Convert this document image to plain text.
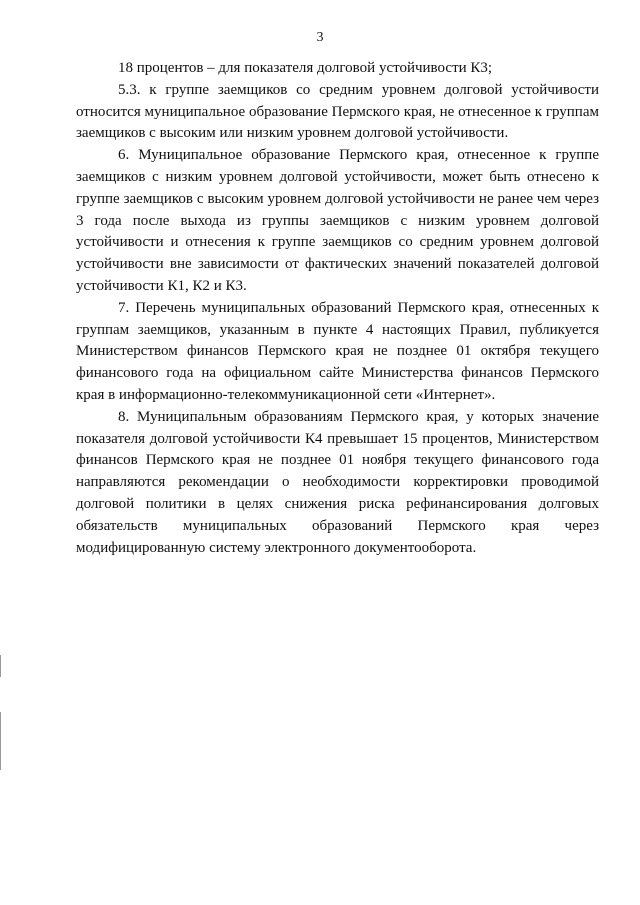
3

18 процентов – для показателя долговой устойчивости К3;

5.3. к группе заемщиков со средним уровнем долговой устойчивости относится муниципальное образование Пермского края, не отнесенное к группам заемщиков с высоким или низким уровнем долговой устойчивости.

6. Муниципальное образование Пермского края, отнесенное к группе заемщиков с низким уровнем долговой устойчивости, может быть отнесено к группе заемщиков с высоким уровнем долговой устойчивости не ранее чем через 3 года после выхода из группы заемщиков с низким уровнем долговой устойчивости и отнесения к группе заемщиков со средним уровнем долговой устойчивости вне зависимости от фактических значений показателей долговой устойчивости К1, К2 и К3.

7. Перечень муниципальных образований Пермского края, отнесенных к группам заемщиков, указанным в пункте 4 настоящих Правил, публикуется Министерством финансов Пермского края не позднее 01 октября текущего финансового года на официальном сайте Министерства финансов Пермского края в информационно-телекоммуникационной сети «Интернет».

8. Муниципальным образованиям Пермского края, у которых значение показателя долговой устойчивости К4 превышает 15 процентов, Министерством финансов Пермского края не позднее 01 ноября текущего финансового года направляются рекомендации о необходимости корректировки проводимой долговой политики в целях снижения риска рефинансирования долговых обязательств муниципальных образований Пермского края через модифицированную систему электронного документооборота.
